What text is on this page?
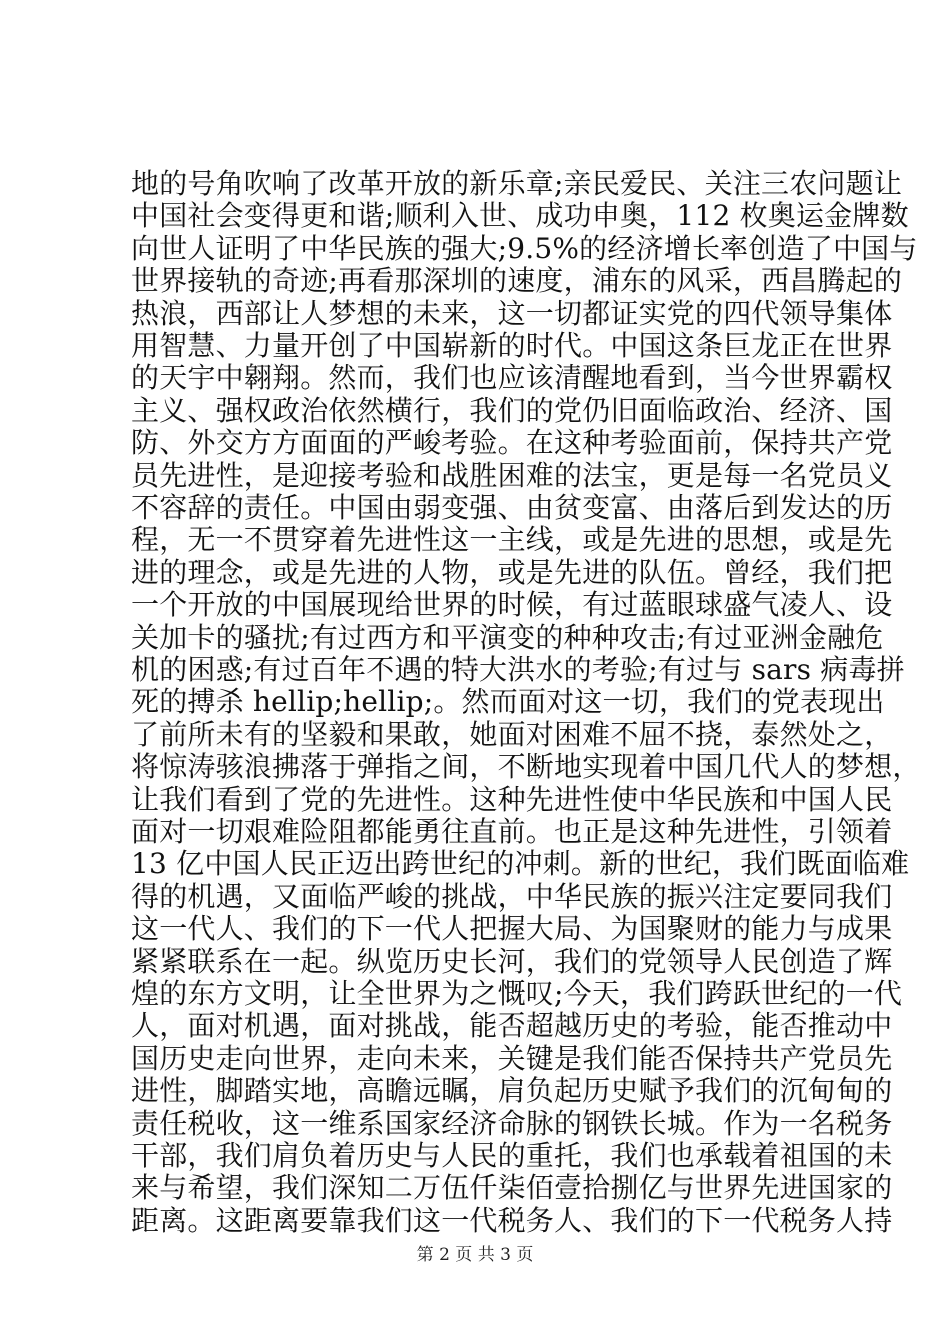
地的号角吹响了改革开放的新乐章;亲民爱民、关注三农问题让
中国社会变得更和谐;顺利入世、成功申奥，112 枚奥运金牌数
向世人证明了中华民族的强大;9.5%的经济增长率创造了中国与
世界接轨的奇迹;再看那深圳的速度，浦东的风采，西昌腾起的
热浪，西部让人梦想的未来，这一切都证实党的四代领导集体
用智慧、力量开创了中国崭新的时代。中国这条巨龙正在世界
的天宇中翱翔。然而，我们也应该清醒地看到，当今世界霸权
主义、强权政治依然横行，我们的党仍旧面临政治、经济、国
防、外交方方面面的严峻考验。在这种考验面前，保持共产党
员先进性，是迎接考验和战胜困难的法宝，更是每一名党员义
不容辞的责任。中国由弱变强、由贫变富、由落后到发达的历
程，无一不贯穿着先进性这一主线，或是先进的思想，或是先
进的理念，或是先进的人物，或是先进的队伍。曾经，我们把
一个开放的中国展现给世界的时候，有过蓝眼球盛气凌人、设
关加卡的骚扰;有过西方和平演变的种种攻击;有过亚洲金融危
机的困惑;有过百年不遇的特大洪水的考验;有过与 sars 病毒拼
死的搏杀 hellip;hellip;。然而面对这一切，我们的党表现出
了前所未有的坚毅和果敢，她面对困难不屈不挠，泰然处之，
将惊涛骇浪拂落于弹指之间，不断地实现着中国几代人的梦想，
让我们看到了党的先进性。这种先进性使中华民族和中国人民
面对一切艰难险阻都能勇往直前。也正是这种先进性，引领着
13 亿中国人民正迈出跨世纪的冲刺。新的世纪，我们既面临难
得的机遇，又面临严峻的挑战，中华民族的振兴注定要同我们
这一代人、我们的下一代人把握大局、为国聚财的能力与成果
紧紧联系在一起。纵览历史长河，我们的党领导人民创造了辉
煌的东方文明，让全世界为之慨叹;今天，我们跨跃世纪的一代
人，面对机遇，面对挑战，能否超越历史的考验，能否推动中
国历史走向世界，走向未来，关键是我们能否保持共产党员先
进性，脚踏实地，高瞻远瞩，肩负起历史赋予我们的沉甸甸的
责任税收，这一维系国家经济命脉的钢铁长城。作为一名税务
干部，我们肩负着历史与人民的重托，我们也承载着祖国的未
来与希望，我们深知二万伍仟柒佰壹拾捌亿与世界先进国家的
距离。这距离要靠我们这一代税务人、我们的下一代税务人持
第 2 页 共 3 页
